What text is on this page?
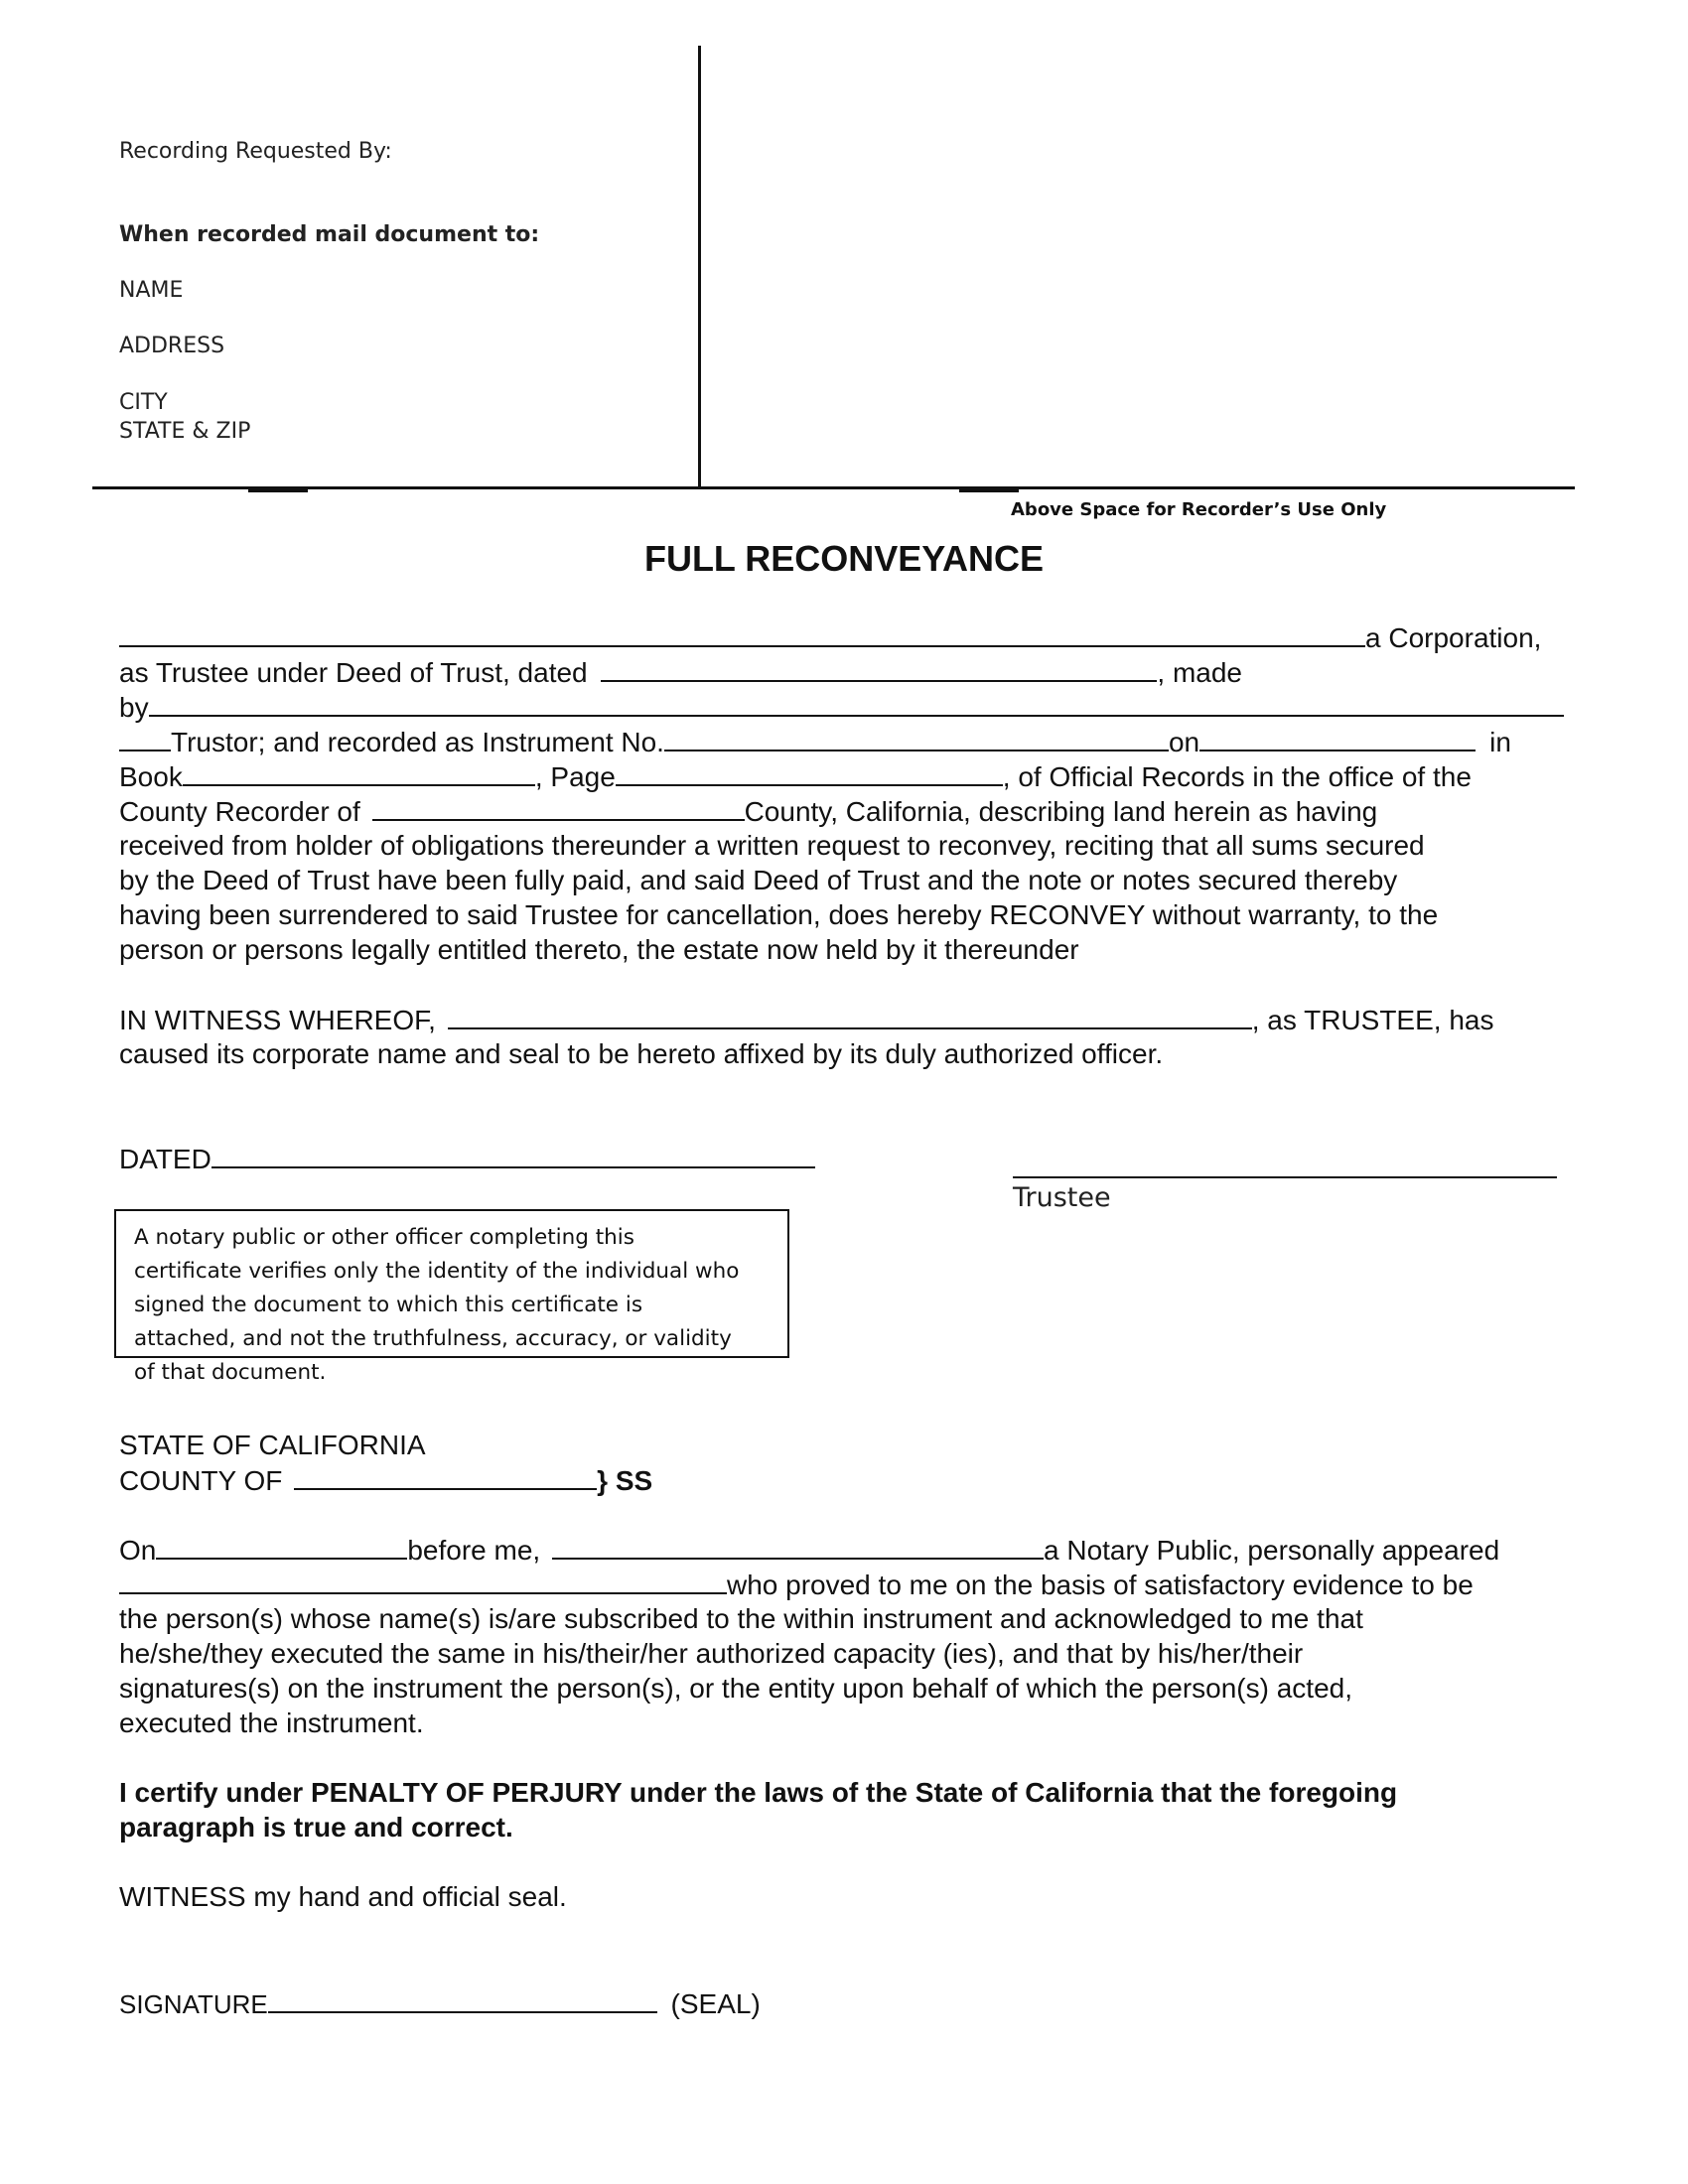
Recording Requested By:
When recorded mail document to:
NAME
ADDRESS
CITY
STATE & ZIP
Above Space for Recorder’s Use Only
FULL RECONVEYANCE
a Corporation,
as Trustee under Deed of Trust, dated	, made
by
Trustor; and recorded as Instrument No.	on	in
Book	, Page	, of Official Records in the office of the
County Recorder of	County, California, describing land herein as having
received from holder of obligations thereunder a written request to reconvey, reciting that all sums secured
by the Deed of Trust have been fully paid, and said Deed of Trust and the note or notes secured thereby
having been surrendered to said Trustee for cancellation, does hereby RECONVEY without warranty, to the
person or persons legally entitled thereto, the estate now held by it thereunder
IN WITNESS WHEREOF,	, as TRUSTEE, has
caused its corporate name and seal to be hereto affixed by its duly authorized officer.
DATED
Trustee
A notary public or other officer completing this
certificate verifies only the identity of the individual who
signed the document to which this certificate is
attached, and not the truthfulness, accuracy, or validity
of that document.
STATE OF CALIFORNIA
COUNTY OF	} SS
On	before me,	a Notary Public, personally appeared
who proved to me on the basis of satisfactory evidence to be
the person(s) whose name(s) is/are subscribed to the within instrument and acknowledged to me that
he/she/they executed the same in his/their/her authorized capacity (ies), and that by his/her/their
signatures(s) on the instrument the person(s), or the entity upon behalf of which the person(s) acted,
executed the instrument.
I certify under PENALTY OF PERJURY under the laws of the State of California that the foregoing
paragraph is true and correct.
WITNESS my hand and official seal.
SIGNATURE	(SEAL)
